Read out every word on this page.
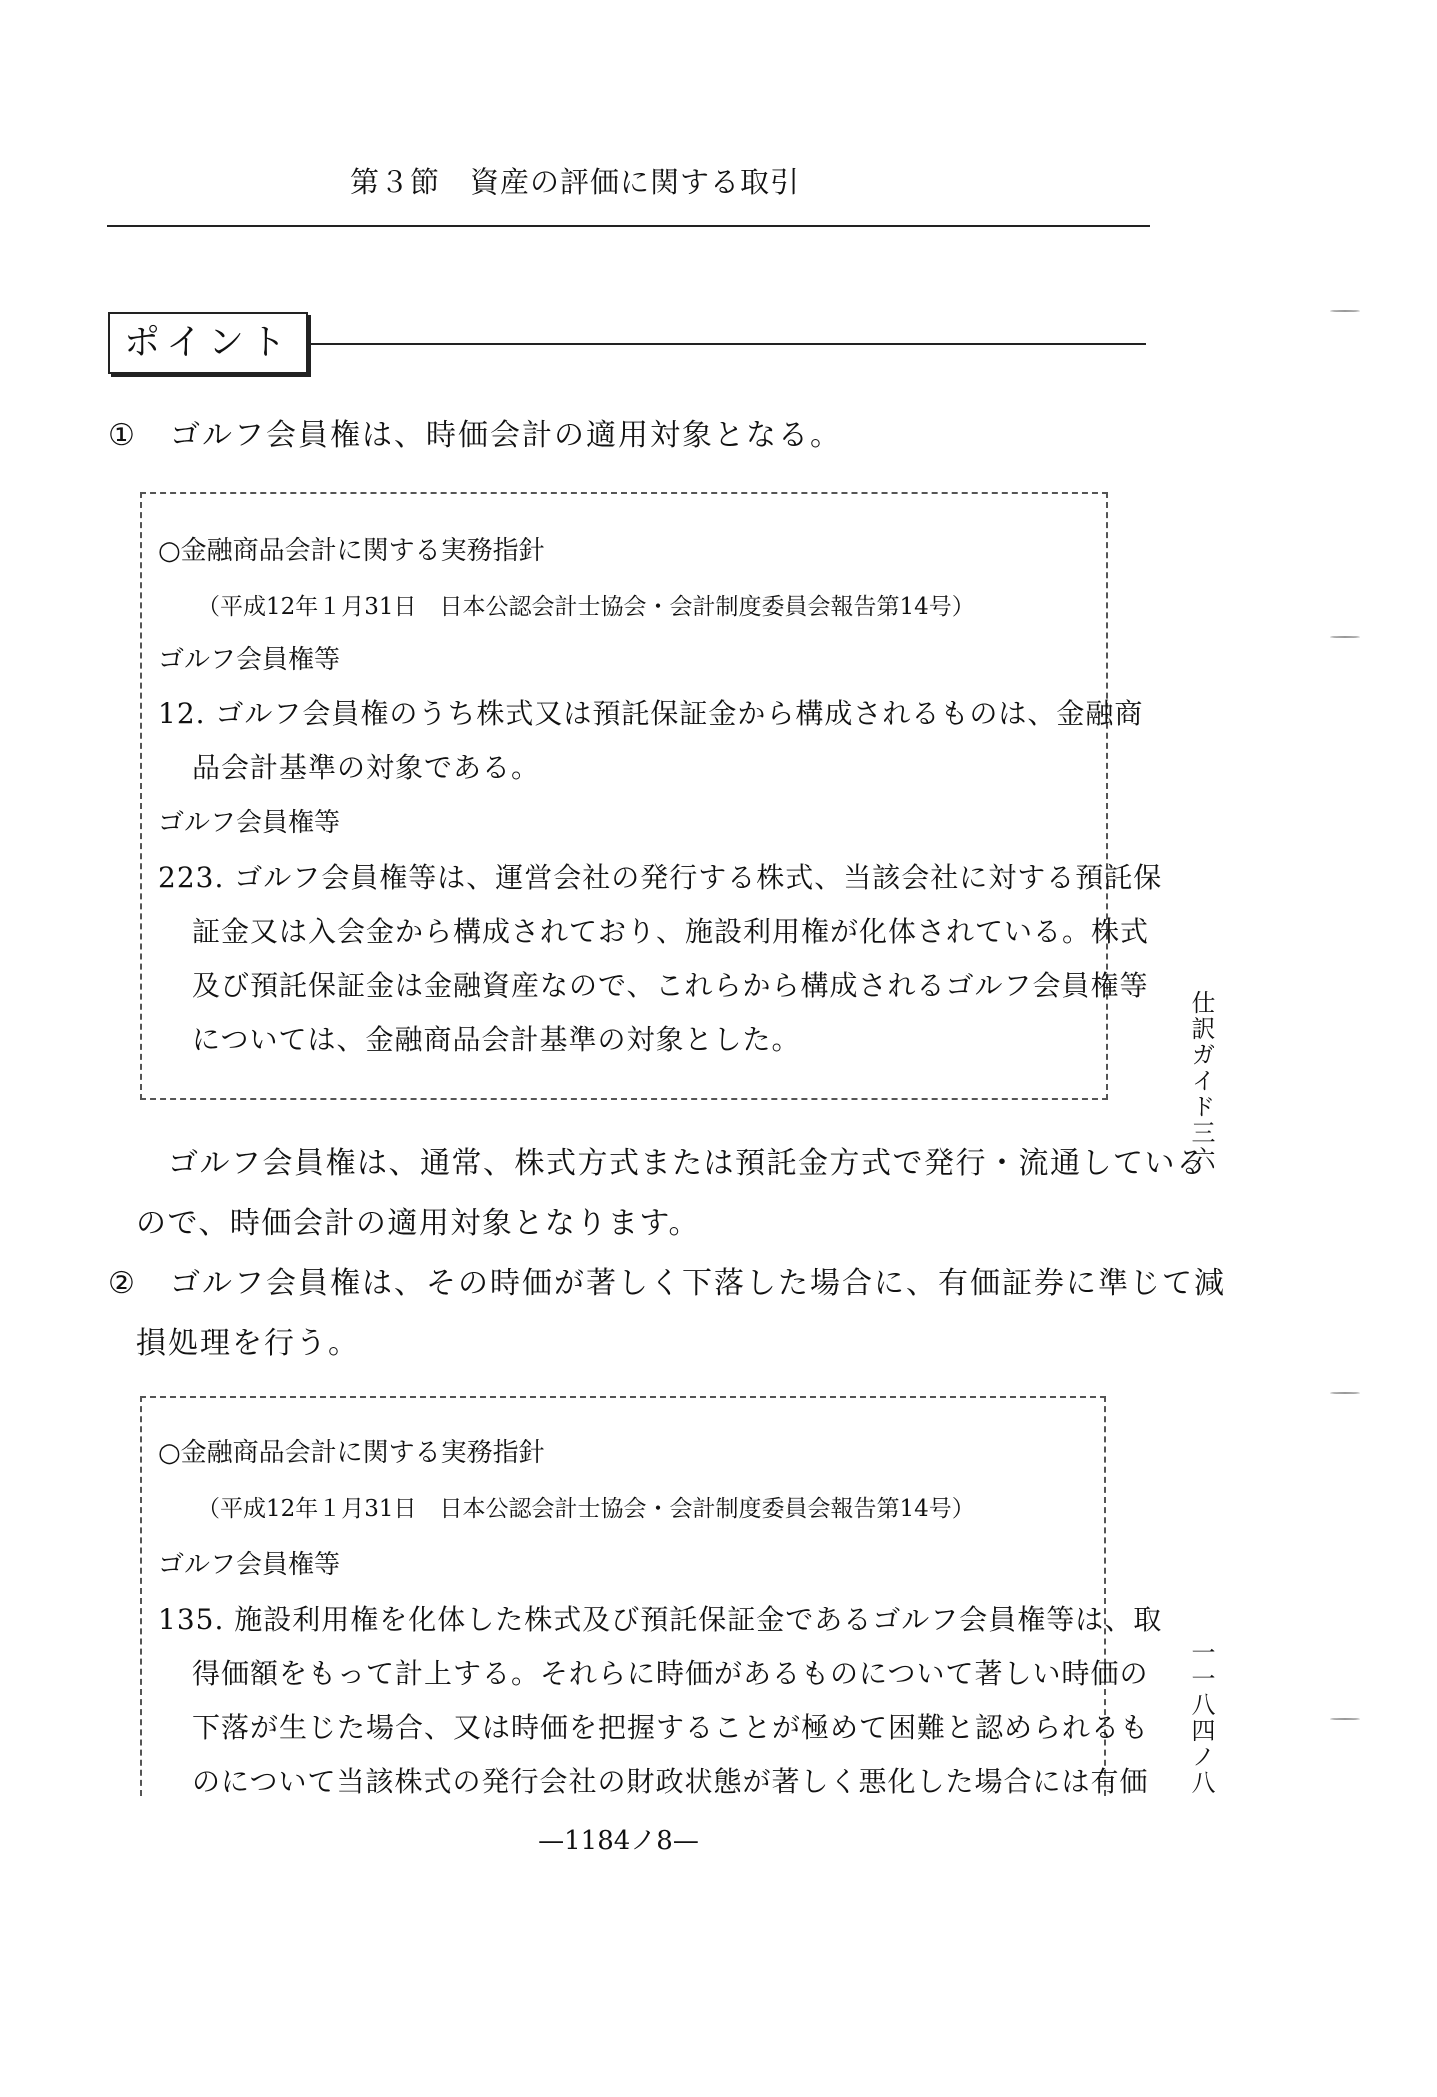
第３節　資産の評価に関する取引
ポイント
① ゴルフ会員権は、時価会計の適用対象となる。
○金融商品会計に関する実務指針
（平成12年１月31日　日本公認会計士協会・会計制度委員会報告第14号）
ゴルフ会員権等
12. ゴルフ会員権のうち株式又は預託保証金から構成されるものは、金融商
品会計基準の対象である。
ゴルフ会員権等
223. ゴルフ会員権等は、運営会社の発行する株式、当該会社に対する預託保
証金又は入会金から構成されており、施設利用権が化体されている。株式
及び預託保証金は金融資産なので、これらから構成されるゴルフ会員権等
については、金融商品会計基準の対象とした。
ゴルフ会員権は、通常、株式方式または預託金方式で発行・流通している
ので、時価会計の適用対象となります。
② ゴルフ会員権は、その時価が著しく下落した場合に、有価証券に準じて減
損処理を行う。
○金融商品会計に関する実務指針
（平成12年１月31日　日本公認会計士協会・会計制度委員会報告第14号）
ゴルフ会員権等
135. 施設利用権を化体した株式及び預託保証金であるゴルフ会員権等は、取
得価額をもって計上する。それらに時価があるものについて著しい時価の
下落が生じた場合、又は時価を把握することが極めて困難と認められるも
のについて当該株式の発行会社の財政状態が著しく悪化した場合には有価
仕訳ガイド三六
一一八四ノ八
—1184ノ8—
